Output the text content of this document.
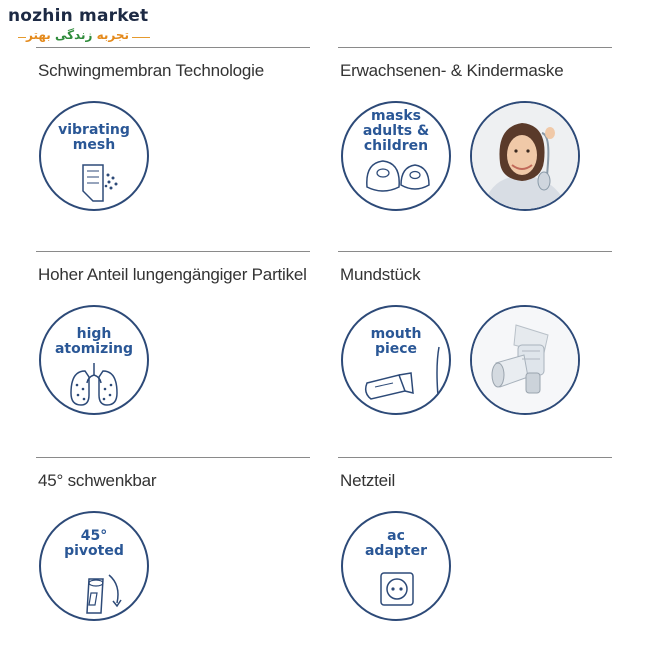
nozhin market
تجربه زندگی بهتر
Schwingmembran Technologie	Erwachsenen- & Kindermaske
Hoher Anteil lungengängiger Partikel Mundstück
45° schwenkbar	Netzteil
vibrating
mesh
masks
adults &
children
high
atomizing
mouth
piece
45°
pivoted
ac
adapter
